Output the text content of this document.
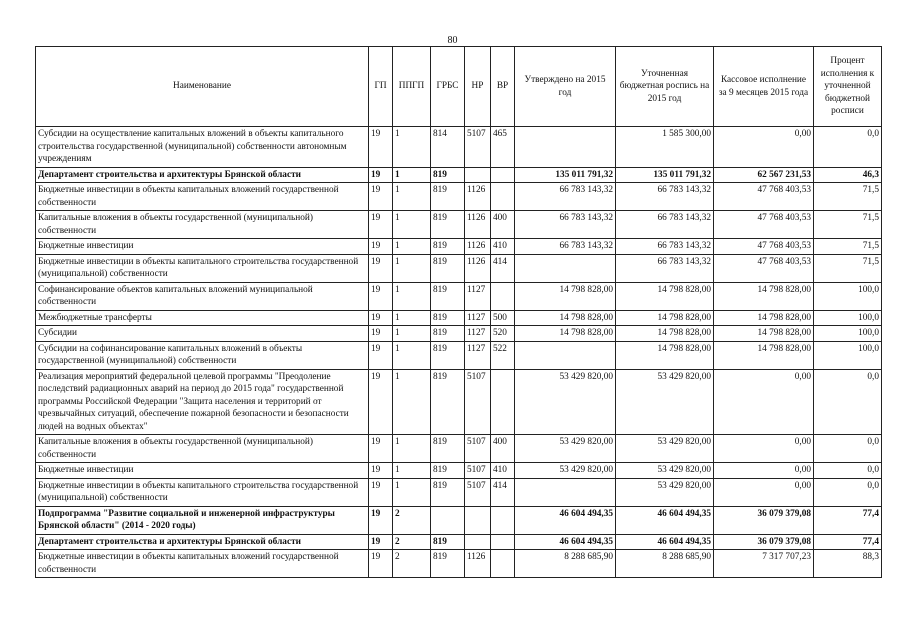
80
Наименование	ГП	ППГП	ГРБС	НР	ВР	Утверждено на 2015 год	Уточненная бюджетная роспись на 2015 год	Кассовое исполнение за 9 месяцев 2015 года	Процент исполнения к уточненной бюджетной росписи
Субсидии на осуществление капитальных вложений в объекты капитального строительства государственной (муниципальной) собственности автономным учреждениям	19	1	814	5107	465		1 585 300,00	0,00	0,0
Департамент строительства и архитектуры Брянской области	19	1	819			135 011 791,32	135 011 791,32	62 567 231,53	46,3
Бюджетные инвестиции в объекты капитальных вложений государственной собственности	19	1	819	1126		66 783 143,32	66 783 143,32	47 768 403,53	71,5
Капитальные вложения в объекты государственной (муниципальной) собственности	19	1	819	1126	400	66 783 143,32	66 783 143,32	47 768 403,53	71,5
Бюджетные инвестиции	19	1	819	1126	410	66 783 143,32	66 783 143,32	47 768 403,53	71,5
Бюджетные инвестиции в объекты капитального строительства государственной (муниципальной) собственности	19	1	819	1126	414		66 783 143,32	47 768 403,53	71,5
Софинансирование объектов капитальных вложений муниципальной собственности	19	1	819	1127		14 798 828,00	14 798 828,00	14 798 828,00	100,0
Межбюджетные трансферты	19	1	819	1127	500	14 798 828,00	14 798 828,00	14 798 828,00	100,0
Субсидии	19	1	819	1127	520	14 798 828,00	14 798 828,00	14 798 828,00	100,0
Субсидии на софинансирование капитальных вложений в объекты государственной (муниципальной) собственности	19	1	819	1127	522		14 798 828,00	14 798 828,00	100,0
Реализация мероприятий федеральной целевой программы "Преодоление последствий радиационных аварий на период до 2015 года" государственной программы Российской Федерации "Защита населения и территорий от чрезвычайных ситуаций, обеспечение пожарной безопасности и безопасности людей на водных объектах"	19	1	819	5107		53 429 820,00	53 429 820,00	0,00	0,0
Капитальные вложения в объекты государственной (муниципальной) собственности	19	1	819	5107	400	53 429 820,00	53 429 820,00	0,00	0,0
Бюджетные инвестиции	19	1	819	5107	410	53 429 820,00	53 429 820,00	0,00	0,0
Бюджетные инвестиции в объекты капитального строительства государственной (муниципальной) собственности	19	1	819	5107	414		53 429 820,00	0,00	0,0
Подпрограмма "Развитие социальной и инженерной инфраструктуры Брянской области" (2014 - 2020 годы)	19	2				46 604 494,35	46 604 494,35	36 079 379,08	77,4
Департамент строительства и архитектуры Брянской области	19	2	819			46 604 494,35	46 604 494,35	36 079 379,08	77,4
Бюджетные инвестиции в объекты капитальных вложений государственной собственности	19	2	819	1126		8 288 685,90	8 288 685,90	7 317 707,23	88,3
